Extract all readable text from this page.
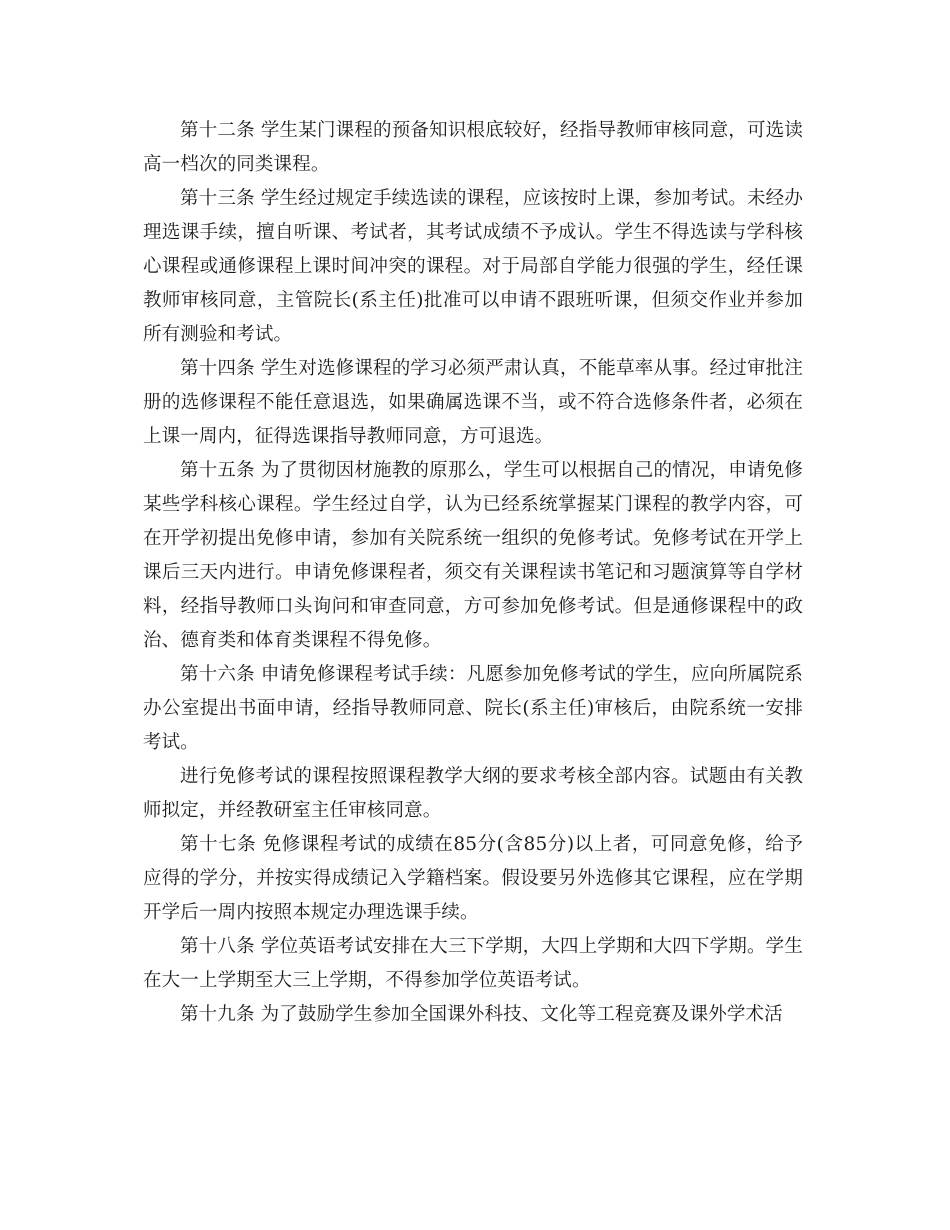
第十二条 学生某门课程的预备知识根底较好，经指导教师审核同意，可选读高一档次的同类课程。

第十三条 学生经过规定手续选读的课程，应该按时上课，参加考试。未经办理选课手续，擅自听课、考试者，其考试成绩不予成认。学生不得选读与学科核心课程或通修课程上课时间冲突的课程。对于局部自学能力很强的学生，经任课教师审核同意，主管院长(系主任)批准可以申请不跟班听课，但须交作业并参加所有测验和考试。

第十四条 学生对选修课程的学习必须严肃认真，不能草率从事。经过审批注册的选修课程不能任意退选，如果确属选课不当，或不符合选修条件者，必须在上课一周内，征得选课指导教师同意，方可退选。

第十五条 为了贯彻因材施教的原那么，学生可以根据自己的情况，申请免修某些学科核心课程。学生经过自学，认为已经系统掌握某门课程的教学内容，可在开学初提出免修申请，参加有关院系统一组织的免修考试。免修考试在开学上课后三天内进行。申请免修课程者，须交有关课程读书笔记和习题演算等自学材料，经指导教师口头询问和审查同意，方可参加免修考试。但是通修课程中的政治、德育类和体育类课程不得免修。

第十六条 申请免修课程考试手续：凡愿参加免修考试的学生，应向所属院系办公室提出书面申请，经指导教师同意、院长(系主任)审核后，由院系统一安排考试。

进行免修考试的课程按照课程教学大纲的要求考核全部内容。试题由有关教师拟定，并经教研室主任审核同意。

第十七条 免修课程考试的成绩在85分(含85分)以上者，可同意免修，给予应得的学分，并按实得成绩记入学籍档案。假设要另外选修其它课程，应在学期开学后一周内按照本规定办理选课手续。

第十八条 学位英语考试安排在大三下学期，大四上学期和大四下学期。学生在大一上学期至大三上学期，不得参加学位英语考试。

第十九条 为了鼓励学生参加全国课外科技、文化等工程竞赛及课外学术活
